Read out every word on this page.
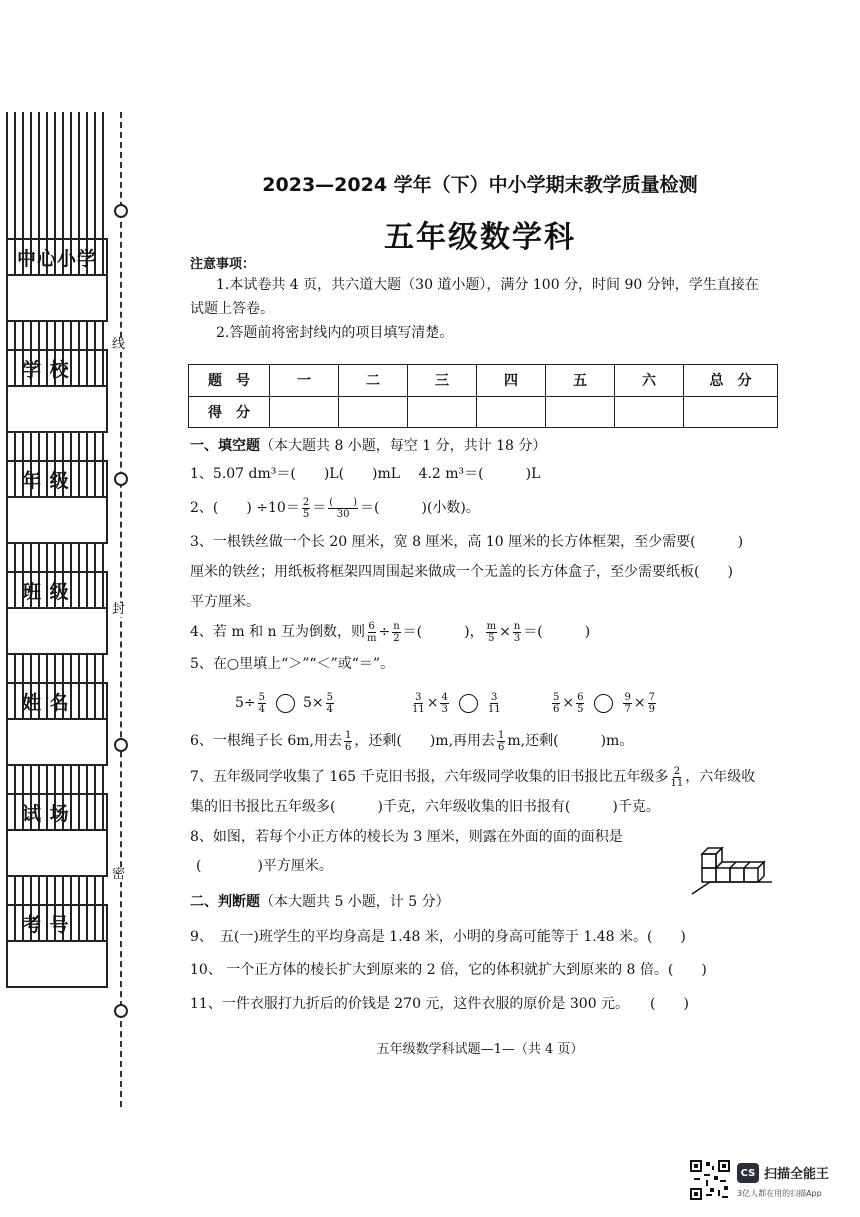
线
封
密
中心小学
学 校
年 级
班 级
姓 名
试 场
考 号
2023—2024 学年（下）中小学期末教学质量检测
五年级数学科
注意事项：
1.本试卷共 4 页，共六道大题（30 道小题），满分 100 分，时间 90 分钟，学生直接在
试题上答卷。
2.答题前将密封线内的项目填写清楚。
题　号	一	二	三	四	五	六	总　分
得　分							
一、填空题（本大题共 8 小题，每空 1 分，共计 18 分）
1、5.07 dm³＝(　　)L(　　)mL　 4.2 m³＝(　　　)L
2、(　　) $\div 10= \frac{2}{5} = \frac{( )}{30}$ ＝(　　　)(小数)。
3、一根铁丝做一个长 20 厘米，宽 8 厘米，高 10 厘米的长方体框架，至少需要(　　　)
厘米的铁丝；用纸板将框架四周围起来做成一个无盖的长方体盒子，至少需要纸板(　　)
平方厘米。
4、若 m 和 n 互为倒数，则 $\frac{6}{m} \div \frac{n}{2}$ ＝(　　　)， $\frac{m}{5} \times \frac{n}{3}$ ＝(　　　)
5、在○里填上“＞”“＜”或“＝”。
$5\div \frac{5}{4}$	$5\times \frac{5}{4}$	$\frac{3}{11} \times \frac{4}{3}$	$\frac{3}{11}$	$\frac{5}{6} \times \frac{6}{5}$	$\frac{9}{7} \times \frac{7}{9}$
6、一根绳子长 6m,用去 $\frac{1}{6}$ ，还剩(　　)m,再用去 $\frac{1}{6} m$,还剩(　　　)m。
7、五年级同学收集了 165 千克旧书报，六年级同学收集的旧书报比五年级多 $\frac{2}{11}$ ，六年级收
集的旧书报比五年级多(　　　)千克，六年级收集的旧书报有(　　　)千克。
8、如图，若每个小正方体的棱长为 3 厘米，则露在外面的面的面积是
(　　　　)平方厘米。
二、判断题（本大题共 5 小题，计 5 分）
9、　五(一)班学生的平均身高是 1.48 米，小明的身高可能等于 1.48 米。(　　)
10、 一个正方体的棱长扩大到原来的 2 倍，它的体积就扩大到原来的 8 倍。(　　)
11、一件衣服打九折后的价钱是 270 元，这件衣服的原价是 300 元。　　(　　)
五年级数学科试题—1—（共 4 页）
CS 扫描全能王
3亿人都在用的扫描App
